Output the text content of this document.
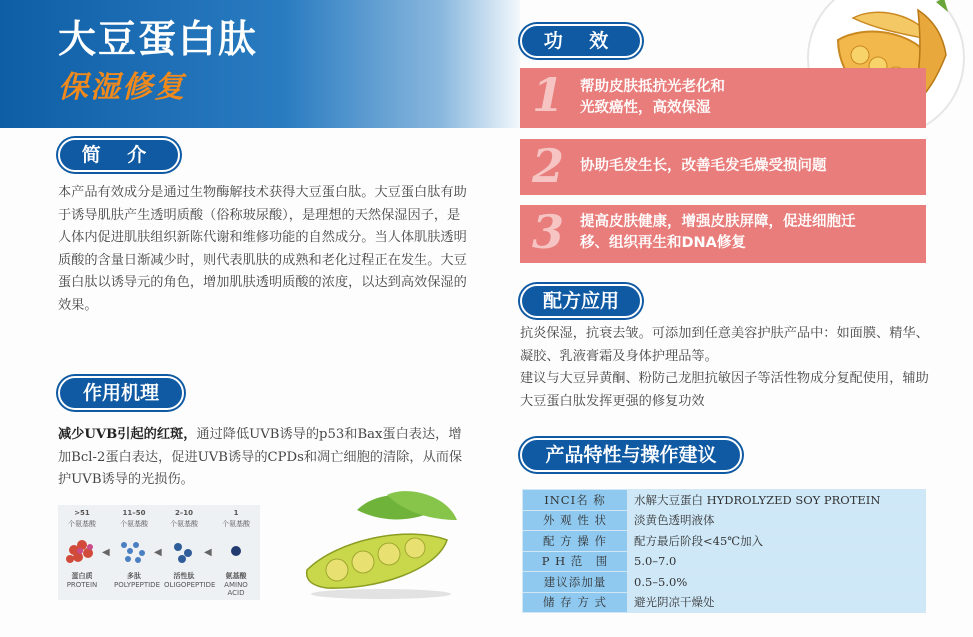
大豆蛋白肽
保湿修复
简 介

本产品有效成分是通过生物酶解技术获得大豆蛋白肽。大豆蛋白肽有助于诱导肌肤产生透明质酸（俗称玻尿酸），是理想的天然保湿因子，是人体内促进肌肤组织新陈代谢和维修功能的自然成分。当人体肌肤透明质酸的含量日渐减少时，则代表肌肤的成熟和老化过程正在发生。大豆蛋白肽以诱导元的角色，增加肌肤透明质酸的浓度，以达到高效保湿的效果。

作用机理

减少UVB引起的红斑，通过降低UVB诱导的p53和Bax蛋白表达，增加Bcl-2蛋白表达，促进UVB诱导的CPDs和凋亡细胞的清除，从而保护UVB诱导的光损伤。

◀	◀	◀
>51
个氨基酸
蛋白质
PROTEIN
11–50
个氨基酸
多肽
POLYPEPTIDE
2–10
个氨基酸
活性肽
OLIGOPEPTIDE
1
个氨基酸
氨基酸
AMINO ACID
功 效
1 帮助皮肤抵抗光老化和
光致癌性，高效保湿
2 协助毛发生长，改善毛发毛燥受损问题
3 提高皮肤健康，增强皮肤屏障，促进细胞迁
移、组织再生和DNA修复
配方应用

抗炎保湿，抗衰去皱。可添加到任意美容护肤产品中：如面膜、精华、凝胶、乳液膏霜及身体护理品等。
建议与大豆异黄酮、粉防己龙胆抗敏因子等活性物成分复配使用，辅助大豆蛋白肽发挥更强的修复功效

产品特性与操作建议
INCI名 称	水解大豆蛋白 HYDROLYZED SOY PROTEIN
外 观 性 状	淡黄色透明液体
配 方 操 作	配方最后阶段<45℃加入
P H 范　围	5.0–7.0
建议添加量	0.5–5.0%
储 存 方 式	避光阴凉干燥处
